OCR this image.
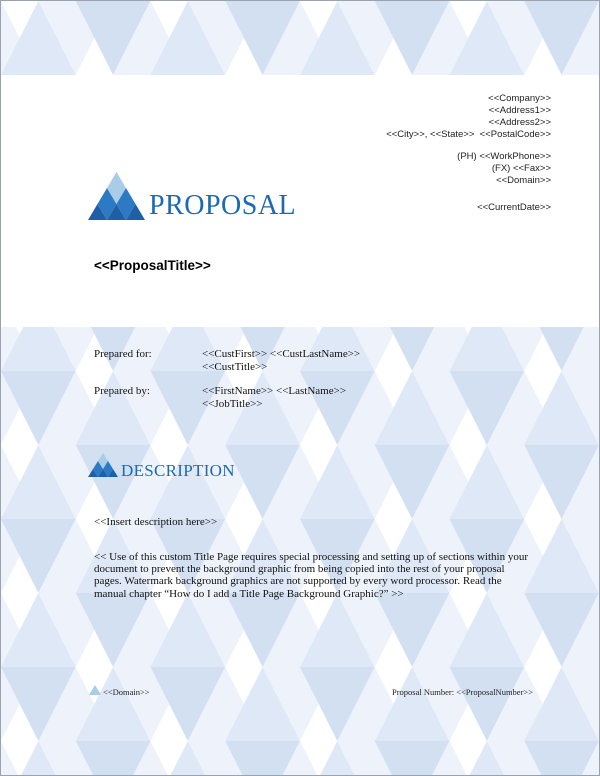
<<Company>>
<<Address1>>
<<Address2>>
<<City>>, <<State>>  <<PostalCode>>
(PH) <<WorkPhone>>
(FX) <<Fax>>
<<Domain>>
<<CurrentDate>>
PROPOSAL
<<ProposalTitle>>
Prepared for:	<<CustFirst>> <<CustLastName>>
<<CustTitle>>
Prepared by:	<<FirstName>> <<LastName>>
<<JobTitle>>
DESCRIPTION
<<Insert description here>>
<< Use of this custom Title Page requires special processing and setting up of sections within your document to prevent the background graphic from being copied into the rest of your proposal pages. Watermark background graphics are not supported by every word processor. Read the manual chapter “How do I add a Title Page Background Graphic?” >>
<<Domain>>	Proposal Number: <<ProposalNumber>>
